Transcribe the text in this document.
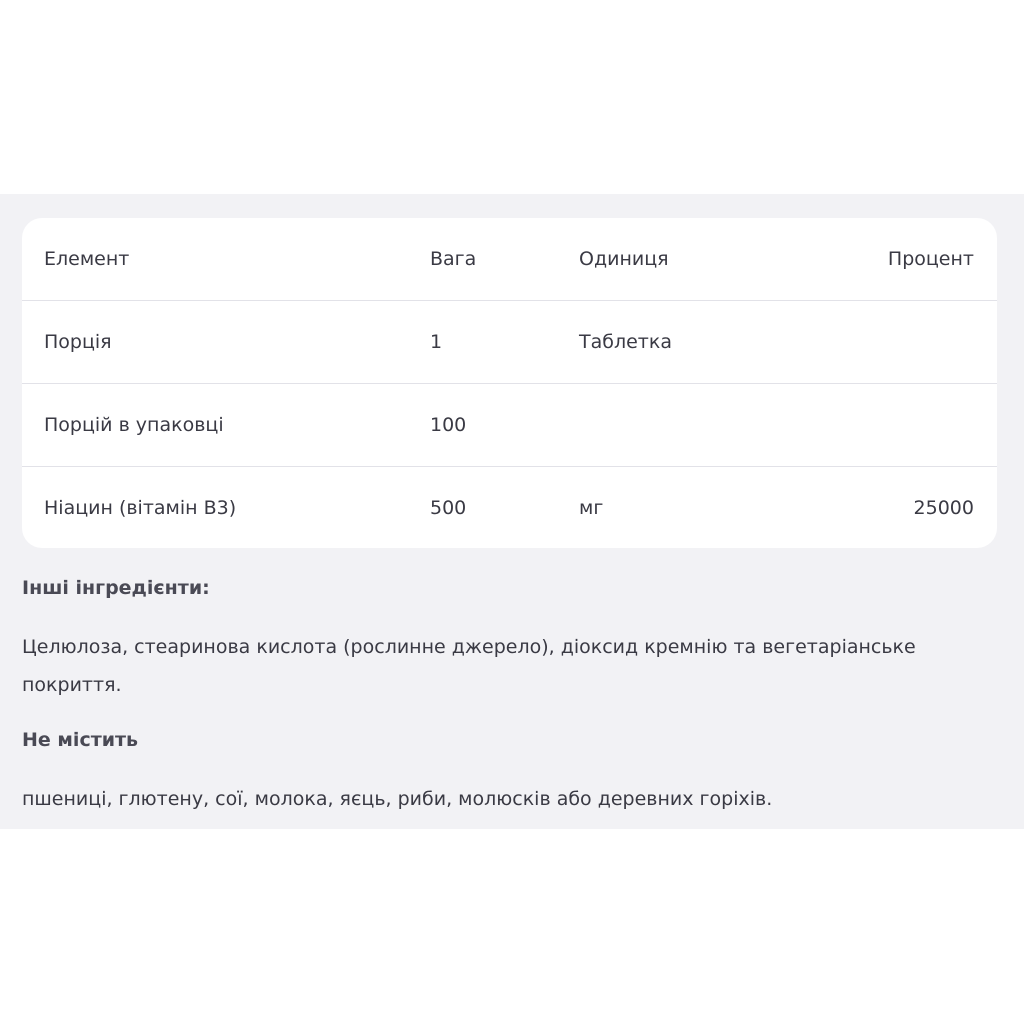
Елемент	Вага	Одиниця	Процент
Порція	1	Таблетка
Порцій в упаковці	100
Ніацин (вітамін В3)	500	мг	25000
Інші інгредієнти:
Целюлоза, стеаринова кислота (рослинне джерело), діоксид кремнію та вегетаріанське покриття.
Не містить
пшениці, глютену, сої, молока, яєць, риби, молюсків або деревних горіхів.
